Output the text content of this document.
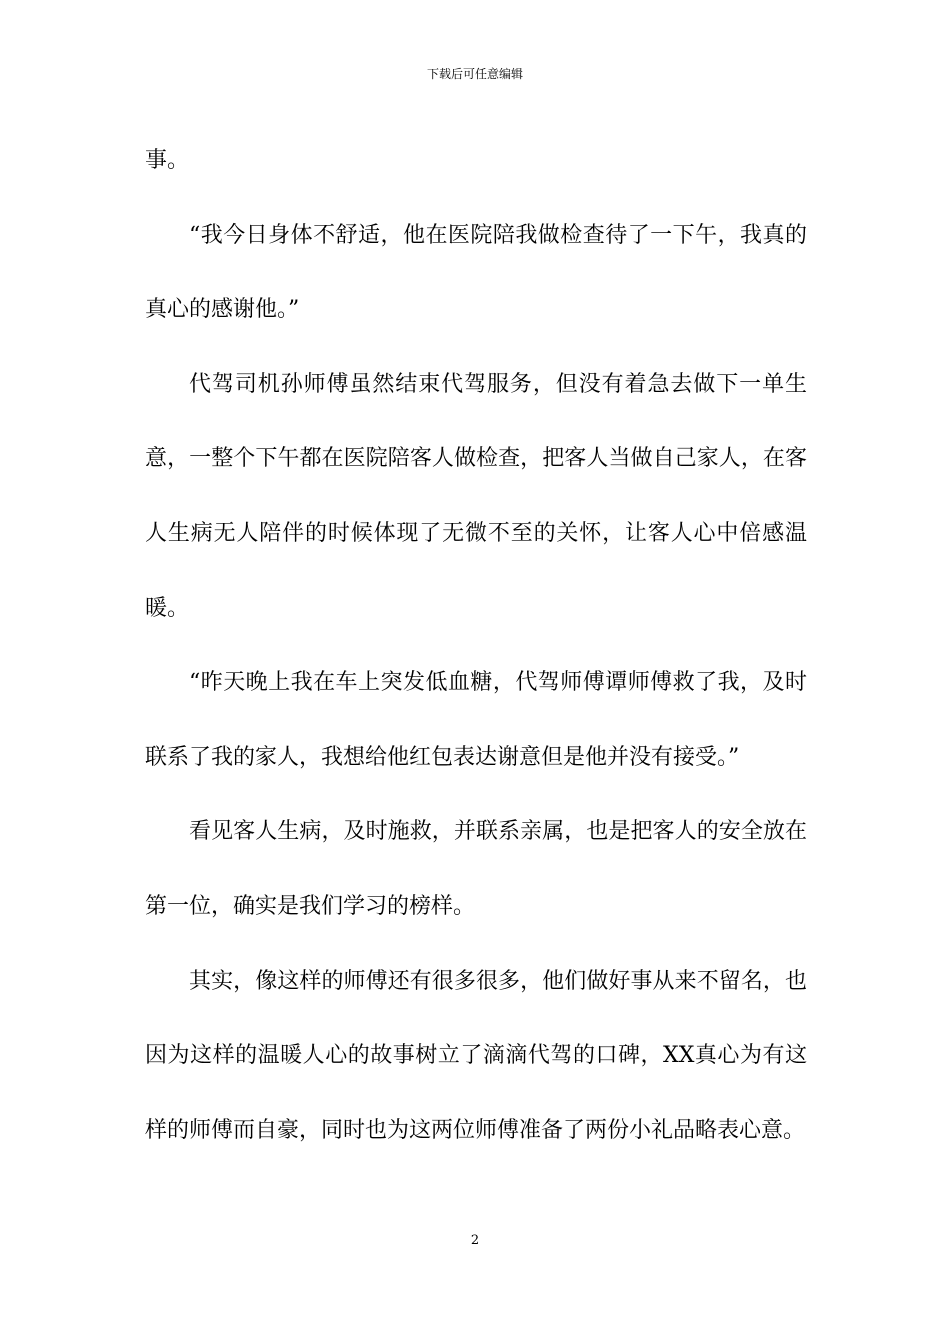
下载后可任意编辑

事。

“我今日身体不舒适，他在医院陪我做检查待了一下午，我真的真心的感谢他。”

代驾司机孙师傅虽然结束代驾服务，但没有着急去做下一单生意，一整个下午都在医院陪客人做检查，把客人当做自己家人，在客人生病无人陪伴的时候体现了无微不至的关怀，让客人心中倍感温暖。

“昨天晚上我在车上突发低血糖，代驾师傅谭师傅救了我，及时联系了我的家人，我想给他红包表达谢意但是他并没有接受。”

看见客人生病，及时施救，并联系亲属，也是把客人的安全放在第一位，确实是我们学习的榜样。

其实，像这样的师傅还有很多很多，他们做好事从来不留名，也因为这样的温暖人心的故事树立了滴滴代驾的口碑，XX真心为有这样的师傅而自豪，同时也为这两位师傅准备了两份小礼品略表心意。

2
